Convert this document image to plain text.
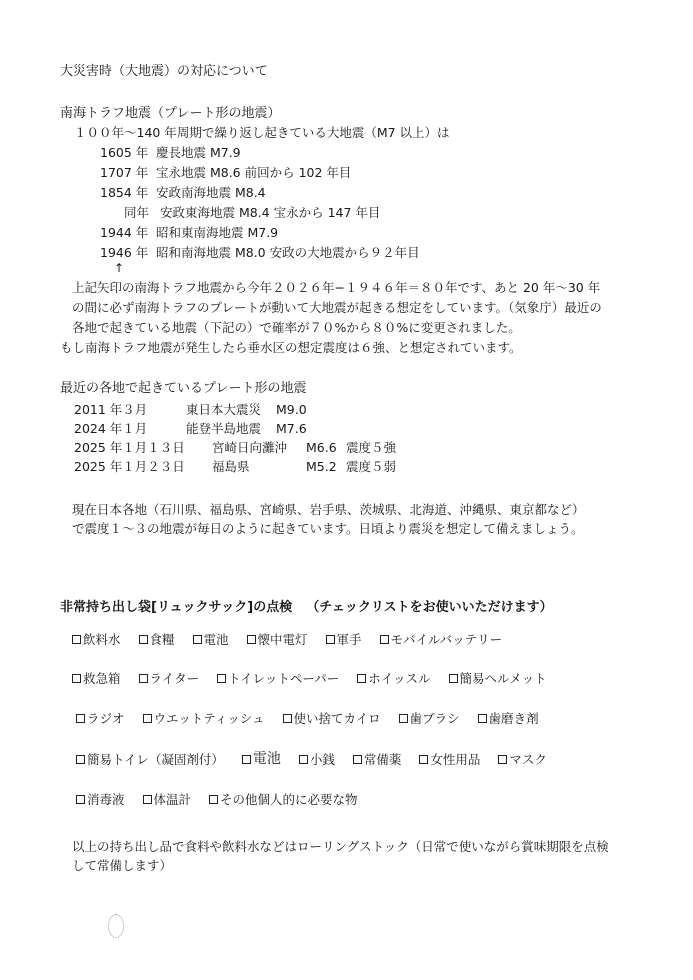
大災害時（大地震）の対応について
南海トラフ地震（プレート形の地震）
１００年〜140 年周期で繰り返し起きている大地震（M7 以上）は
1605 年 慶長地震 M7.9
1707 年 宝永地震 M8.6 前回から 102 年目
1854 年 安政南海地震 M8.4
同年 安政東海地震 M8.4 宝永から 147 年目
1944 年 昭和東南海地震 M7.9
1946 年 昭和南海地震 M8.0 安政の大地震から９２年目
↑
上記矢印の南海トラフ地震から今年２０２６年−１９４６年＝８０年です、あと 20 年〜30 年
の間に必ず南海トラフのプレートが動いて大地震が起きる想定をしています。（気象庁）最近の
各地で起きている地震（下記の）で確率が７０%から８０%に変更されました。
もし南海トラフ地震が発生したら垂水区の想定震度は６強、と想定されています。
最近の各地で起きているプレート形の地震
2011 年３月	東日本大震災 M9.0
2024 年１月	能登半島地震 M7.6
2025 年１月１３日 宮崎日向灘沖 M6.6 震度５強
2025 年１月２３日 福島県	M5.2 震度５弱
現在日本各地（石川県、福島県、宮崎県、岩手県、茨城県、北海道、沖縄県、東京都など）
で震度１〜３の地震が毎日のように起きています。日頃より震災を想定して備えましょう。
非常持ち出し袋[リュックサック]の点検 （チェックリストをお使いいただけます）
飲料水
食糧
電池
懐中電灯
軍手
モバイルバッテリー
救急箱
ライター
トイレットペーパー
ホイッスル
簡易ヘルメット
ラジオ
ウエットティッシュ
使い捨てカイロ
歯ブラシ
歯磨き剤
簡易トイレ（凝固剤付）
電池
小銭
常備薬
女性用品
マスク
消毒液
体温計
その他個人的に必要な物
以上の持ち出し品で食料や飲料水などはローリングストック（日常で使いながら賞味期限を点検
して常備します）
